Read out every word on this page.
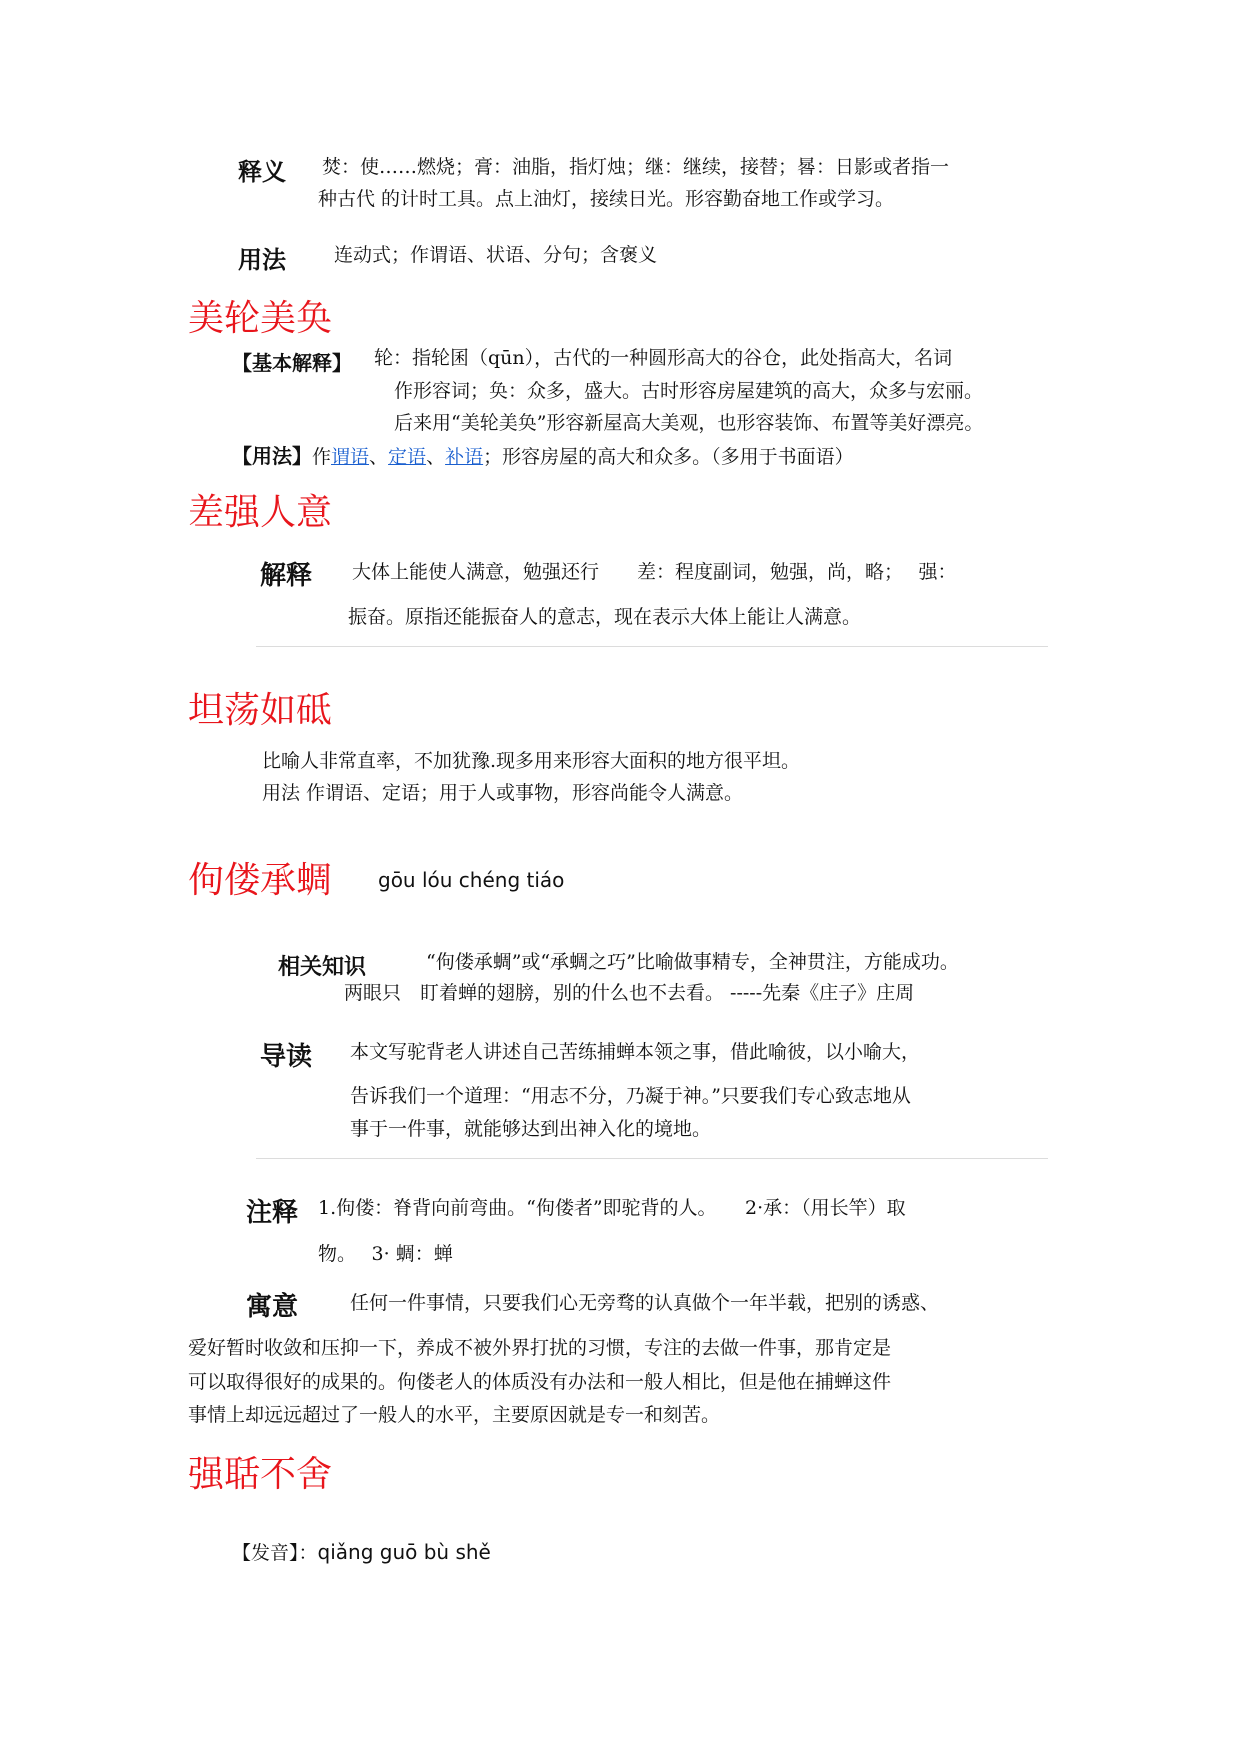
释义 焚：使……燃烧；膏：油脂，指灯烛；继：继续，接替；晷：日影或者指一
种古代 的计时工具。点上油灯，接续日光。形容勤奋地工作或学习。
用法	连动式；作谓语、状语、分句；含褒义
美轮美奂
【基本解释】 轮：指轮囷（qūn），古代的一种圆形高大的谷仓，此处指高大，名词
作形容词；奂：众多，盛大。古时形容房屋建筑的高大，众多与宏丽。
后来用“美轮美奂”形容新屋高大美观，也形容装饰、布置等美好漂亮。
【用法】作谓语、定语、补语；形容房屋的高大和众多。（多用于书面语）
差强人意
解释 大体上能使人满意，勉强还行　　差：程度副词，勉强，尚，略；　 强：
振奋。原指还能振奋人的意志，现在表示大体上能让人满意。
坦荡如砥
比喻人非常直率，不加犹豫.现多用来形容大面积的地方很平坦。
用法 作谓语、定语；用于人或事物，形容尚能令人满意。
佝偻承蜩 gōu lóu chéng tiáo
相关知识	“佝偻承蜩”或“承蜩之巧”比喻做事精专，全神贯注，方能成功。
两眼只　盯着蝉的翅膀，别的什么也不去看。 -----先秦《庄子》庄周
导读 本文写驼背老人讲述自己苦练捕蝉本领之事，借此喻彼，以小喻大，
告诉我们一个道理：“用志不分，乃凝于神。”只要我们专心致志地从
事于一件事，就能够达到出神入化的境地。
注释 1.佝偻：脊背向前弯曲。“佝偻者”即驼背的人。　　2·承：（用长竿）取
物。　 3· 蜩：蝉
寓意	任何一件事情，只要我们心无旁骛的认真做个一年半载，把别的诱惑、
爱好暂时收敛和压抑一下，养成不被外界打扰的习惯，专注的去做一件事，那肯定是
可以取得很好的成果的。佝偻老人的体质没有办法和一般人相比，但是他在捕蝉这件
事情上却远远超过了一般人的水平，主要原因就是专一和刻苦。
强聒不舍
【发音】：qiǎng guō bù shě
